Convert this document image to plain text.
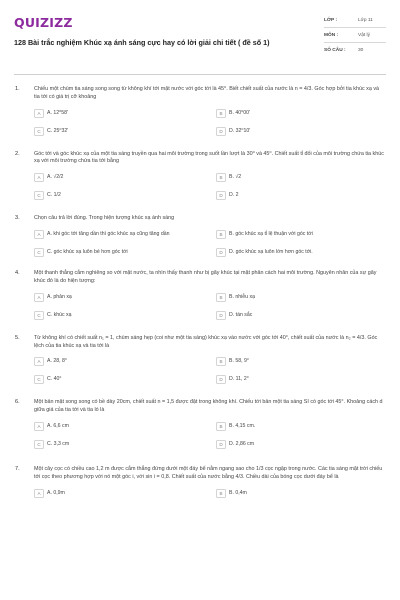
QUIZIZZ
128 Bài trắc nghiệm Khúc xạ ánh sáng cực hay có lời giải chi tiết ( đề số 1)
LỚP :	Lớp 11
MÔN :	Vật lý
SỐ CÂU :	30
1.	Chiếu một chùm tia sáng song song từ không khí tới mặt nước với góc tới là 45⁰. Biết chiết suất của nước là n = 4/3. Góc hợp bởi tia khúc xạ và tia tới có giá trị cỡ khoảng
A	A. 12⁰58'	B	B. 40⁰00'
C	C. 25⁰32'	D	D. 32⁰10'
2.	Góc tới và góc khúc xạ của một tia sáng truyền qua hai môi trường trong suốt lần lượt là 30⁰ và 45⁰. Chiết suất tỉ đối của môi trường chứa tia khúc xạ với môi trường chứa tia tới bằng
A	A. √2/2	B	B. √2
C	C. 1/2	D	D. 2
3.	Chọn câu trả lời đúng. Trong hiện tượng khúc xạ ánh sáng
A	A. khi góc tới tăng dần thì góc khúc xạ cũng tăng dần	B	B. góc khúc xạ tỉ lệ thuận với góc tới
C	C. góc khúc xạ luôn bé hơn góc tới	D	D. góc khúc xạ luôn lớn hơn góc tới.
4.	Một thanh thẳng cắm nghiêng so với mặt nước, ta nhìn thấy thanh như bị gãy khúc tại mặt phân cách hai môi trường. Nguyên nhân của sự gãy khúc đó là do hiện tượng:
A	A. phản xạ	B	B. nhiễu xạ
C	C. khúc xạ	D	D. tán sắc
5.	Từ không khí có chiết suất n₁ = 1, chùm sáng hẹp (coi như một tia sáng) khúc xạ vào nước với góc tới 40°, chiết suất của nước là n₂ = 4/3. Góc lệch của tia khúc xạ và tia tới là
A	A. 28, 8°	B	B. 58, 9°
C	C. 40°	D	D. 11, 2°
6.	Một bản mặt song song có bề dày 20cm, chiết suất n = 1,5 được đặt trong không khí. Chiếu tới bản một tia sáng SI có góc tới 45°. Khoảng cách d giữa giá của tia tới và tia ló là
A	A. 6,6 cm	B	B. 4,15 cm.
C	C. 3,3 cm	D	D. 2,86 cm
7.	Một cây cọc có chiều cao 1,2 m được cắm thẳng đứng dưới một đáy bể nằm ngang sao cho 1/3 cọc ngập trong nước. Các tia sáng mặt trời chiếu tới cọc theo phương hợp với nó một góc i, với sin i = 0,8. Chiết suất của nước bằng 4/3. Chiều dài của bóng cọc dưới đáy bể là
A	A. 0,9m	B	B. 0,4m
